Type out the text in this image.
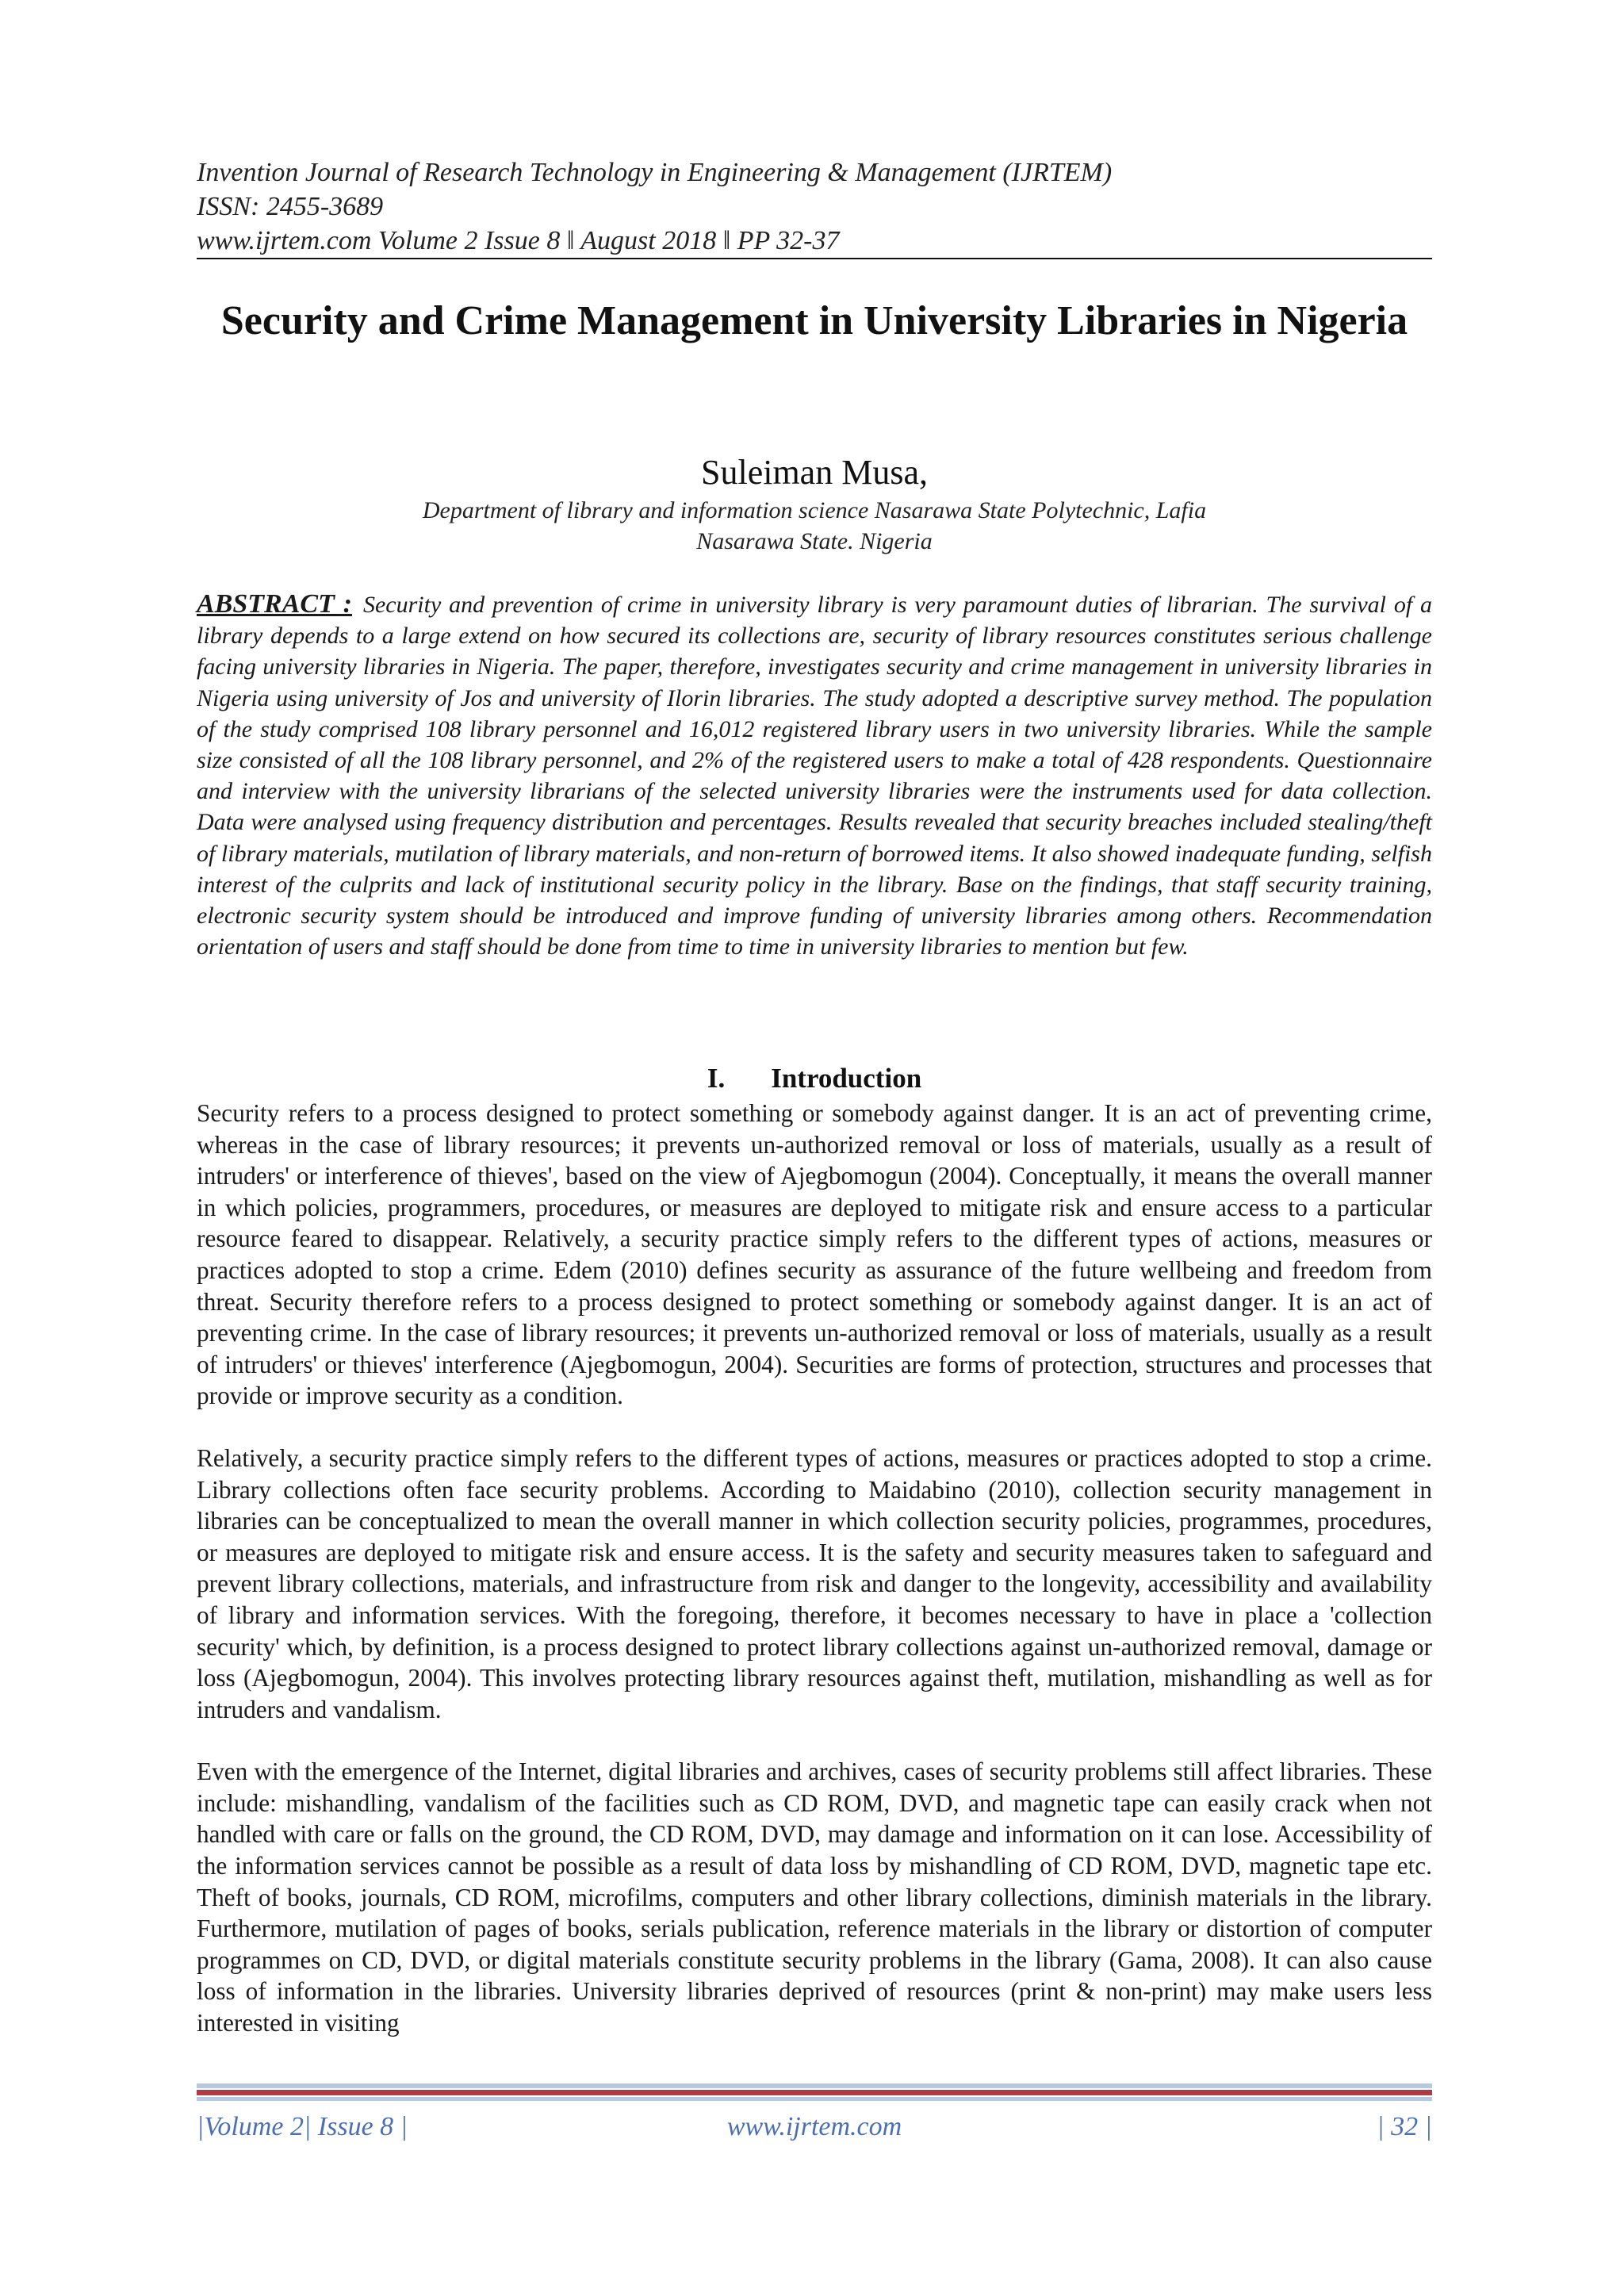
Invention Journal of Research Technology in Engineering & Management (IJRTEM)
ISSN: 2455-3689
www.ijrtem.com Volume 2 Issue 8 ‖ August 2018 ‖ PP 32-37
Security and Crime Management in University Libraries in Nigeria
Suleiman Musa,
Department of library and information science Nasarawa State Polytechnic, Lafia
Nasarawa State. Nigeria
ABSTRACT : Security and prevention of crime in university library is very paramount duties of librarian. The survival of a library depends to a large extend on how secured its collections are, security of library resources constitutes serious challenge facing university libraries in Nigeria. The paper, therefore, investigates security and crime management in university libraries in Nigeria using university of Jos and university of Ilorin libraries. The study adopted a descriptive survey method. The population of the study comprised 108 library personnel and 16,012 registered library users in two university libraries. While the sample size consisted of all the 108 library personnel, and 2% of the registered users to make a total of 428 respondents. Questionnaire and interview with the university librarians of the selected university libraries were the instruments used for data collection. Data were analysed using frequency distribution and percentages. Results revealed that security breaches included stealing/theft of library materials, mutilation of library materials, and non-return of borrowed items. It also showed inadequate funding, selfish interest of the culprits and lack of institutional security policy in the library. Base on the findings, that staff security training, electronic security system should be introduced and improve funding of university libraries among others. Recommendation orientation of users and staff should be done from time to time in university libraries to mention but few.
I. Introduction

Security refers to a process designed to protect something or somebody against danger. It is an act of preventing crime, whereas in the case of library resources; it prevents un-authorized removal or loss of materials, usually as a result of intruders' or interference of thieves', based on the view of Ajegbomogun (2004). Conceptually, it means the overall manner in which policies, programmers, procedures, or measures are deployed to mitigate risk and ensure access to a particular resource feared to disappear. Relatively, a security practice simply refers to the different types of actions, measures or practices adopted to stop a crime. Edem (2010) defines security as assurance of the future wellbeing and freedom from threat. Security therefore refers to a process designed to protect something or somebody against danger. It is an act of preventing crime. In the case of library resources; it prevents un-authorized removal or loss of materials, usually as a result of intruders' or thieves' interference (Ajegbomogun, 2004). Securities are forms of protection, structures and processes that provide or improve security as a condition.

Relatively, a security practice simply refers to the different types of actions, measures or practices adopted to stop a crime. Library collections often face security problems. According to Maidabino (2010), collection security management in libraries can be conceptualized to mean the overall manner in which collection security policies, programmes, procedures, or measures are deployed to mitigate risk and ensure access. It is the safety and security measures taken to safeguard and prevent library collections, materials, and infrastructure from risk and danger to the longevity, accessibility and availability of library and information services. With the foregoing, therefore, it becomes necessary to have in place a 'collection security' which, by definition, is a process designed to protect library collections against un-authorized removal, damage or loss (Ajegbomogun, 2004). This involves protecting library resources against theft, mutilation, mishandling as well as for intruders and vandalism.

Even with the emergence of the Internet, digital libraries and archives, cases of security problems still affect libraries. These include: mishandling, vandalism of the facilities such as CD ROM, DVD, and magnetic tape can easily crack when not handled with care or falls on the ground, the CD ROM, DVD, may damage and information on it can lose. Accessibility of the information services cannot be possible as a result of data loss by mishandling of CD ROM, DVD, magnetic tape etc. Theft of books, journals, CD ROM, microfilms, computers and other library collections, diminish materials in the library. Furthermore, mutilation of pages of books, serials publication, reference materials in the library or distortion of computer programmes on CD, DVD, or digital materials constitute security problems in the library (Gama, 2008). It can also cause loss of information in the libraries. University libraries deprived of resources (print & non-print) may make users less interested in visiting

|Volume 2| Issue 8 |	www.ijrtem.com	| 32 |
